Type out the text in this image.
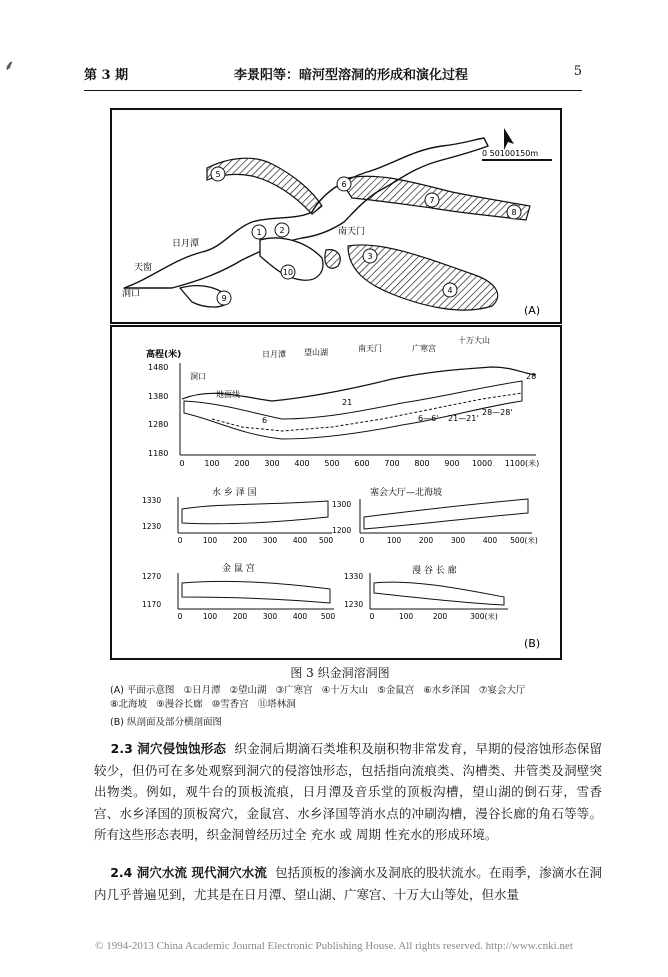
⸙
第 3 期	李景阳等：暗河型溶洞的形成和演化过程	5
1 2
3
4
5
6
7
8
9
10
日月潭
天窗
洞口
南天门
0 50100150m
(A)
高程(米)
1480
1380
1280
1180
0 100 200 300 400 500 600 700 800 900 1000 1100(米)
洞口
地面线
日月潭 望山湖	南天门	广寒宫
十万大山
6—6' 21—21'
28—28'
28
21
6
水 乡 泽 国
1330
1230
0	100 200 300 400 500
塞会大厅—北海坡
1300
1200
0	100 200 300 400 500(米)
金 鼠 宫
1270
1170
0	100 200 300 400 500
漫 谷 长 廊
1330
1230
0	100	200	300(米)
(B)
图 3 织金洞溶洞图
(A) 平面示意图 ①日月潭 ②望山湖 ③广寒宫 ④十万大山 ⑤金鼠宫 ⑥水乡泽国 ⑦宴会大厅
⑧北海坡 ⑨漫谷长廊 ⑩雪香宫 ⑪塔林洞
(B) 纵剖面及部分横剖面图
2.3 洞穴侵蚀蚀形态 织金洞后期滴石类堆积及崩积物非常发育，早期的侵溶蚀形态保留较少，但仍可在多处观察到洞穴的侵溶蚀形态，包括指向流痕类、沟槽类、井管类及洞壁突出物类。例如，观牛台的顶板流痕，日月潭及音乐堂的顶板沟槽，望山湖的倒石芽，雪香宫、水乡泽国的顶板窝穴，金鼠宫、水乡泽国等消水点的冲刷沟槽，漫谷长廊的角石等等。所有这些形态表明，织金洞曾经历过全 充水 或 周期 性充水的形成环境。
2.4 洞穴水流 现代洞穴水流 包括顶板的渗滴水及洞底的股状流水。在雨季，渗滴水在洞内几乎普遍见到，尤其是在日月潭、望山湖、广寒宫、十万大山等处，但水量
© 1994-2013 China Academic Journal Electronic Publishing House. All rights reserved. http://www.cnki.net
